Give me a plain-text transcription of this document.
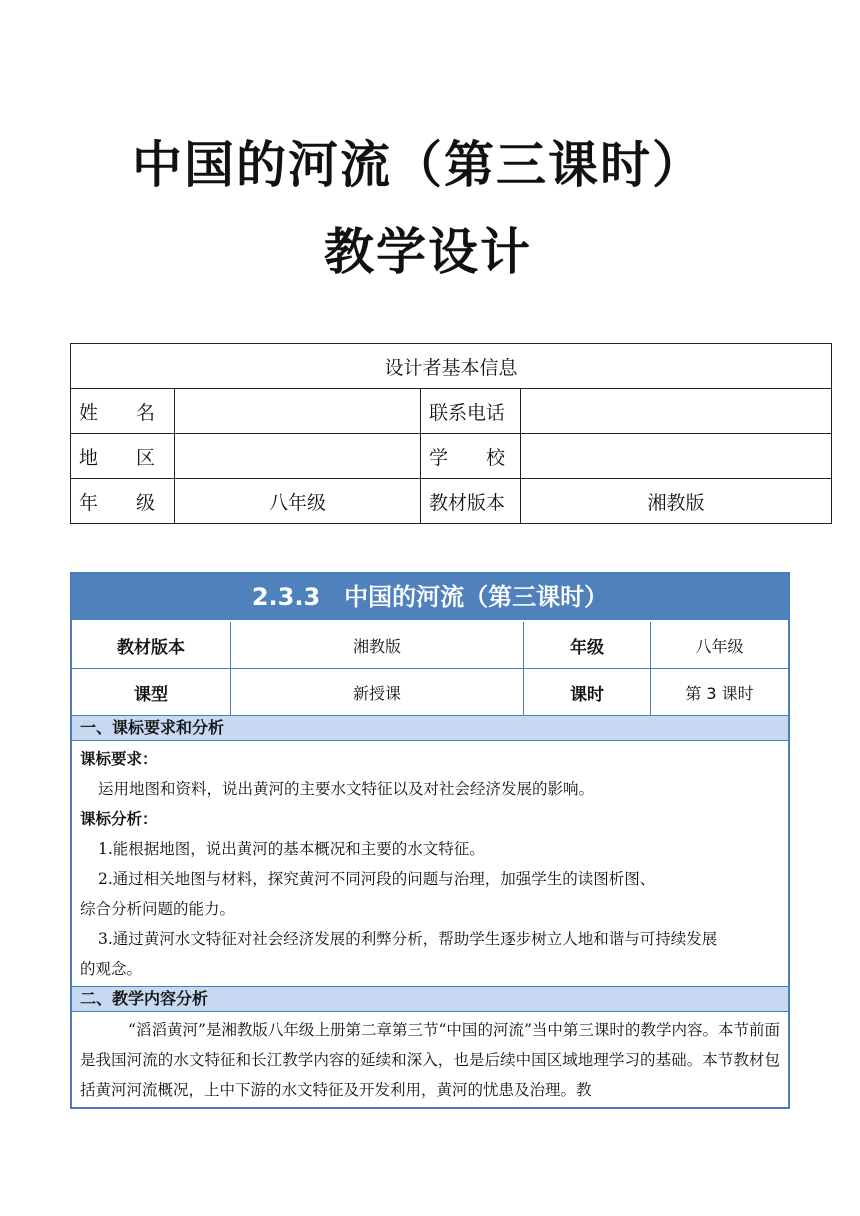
中国的河流（第三课时）
教学设计
设计者基本信息			
姓　　名		联系电话	
地　　区		学　　校	
年　　级	八年级	教材版本	湘教版
2.3.3　中国的河流（第三课时）
教材版本	湘教版	年级	八年级
课型	新授课	课时	第 3 课时
一、课标要求和分析
课标要求：
运用地图和资料，说出黄河的主要水文特征以及对社会经济发展的影响。
课标分析：
1.能根据地图，说出黄河的基本概况和主要的水文特征。
2.通过相关地图与材料，探究黄河不同河段的问题与治理，加强学生的读图析图、
综合分析问题的能力。
3.通过黄河水文特征对社会经济发展的利弊分析，帮助学生逐步树立人地和谐与可持续发展
的观念。
二、教学内容分析
“滔滔黄河”是湘教版八年级上册第二章第三节“中国的河流”当中第三课时的教学内容。本节前面是我国河流的水文特征和长江教学内容的延续和深入，也是后续中国区域地理学习的基础。本节教材包括黄河河流概况，上中下游的水文特征及开发利用，黄河的忧患及治理。教
